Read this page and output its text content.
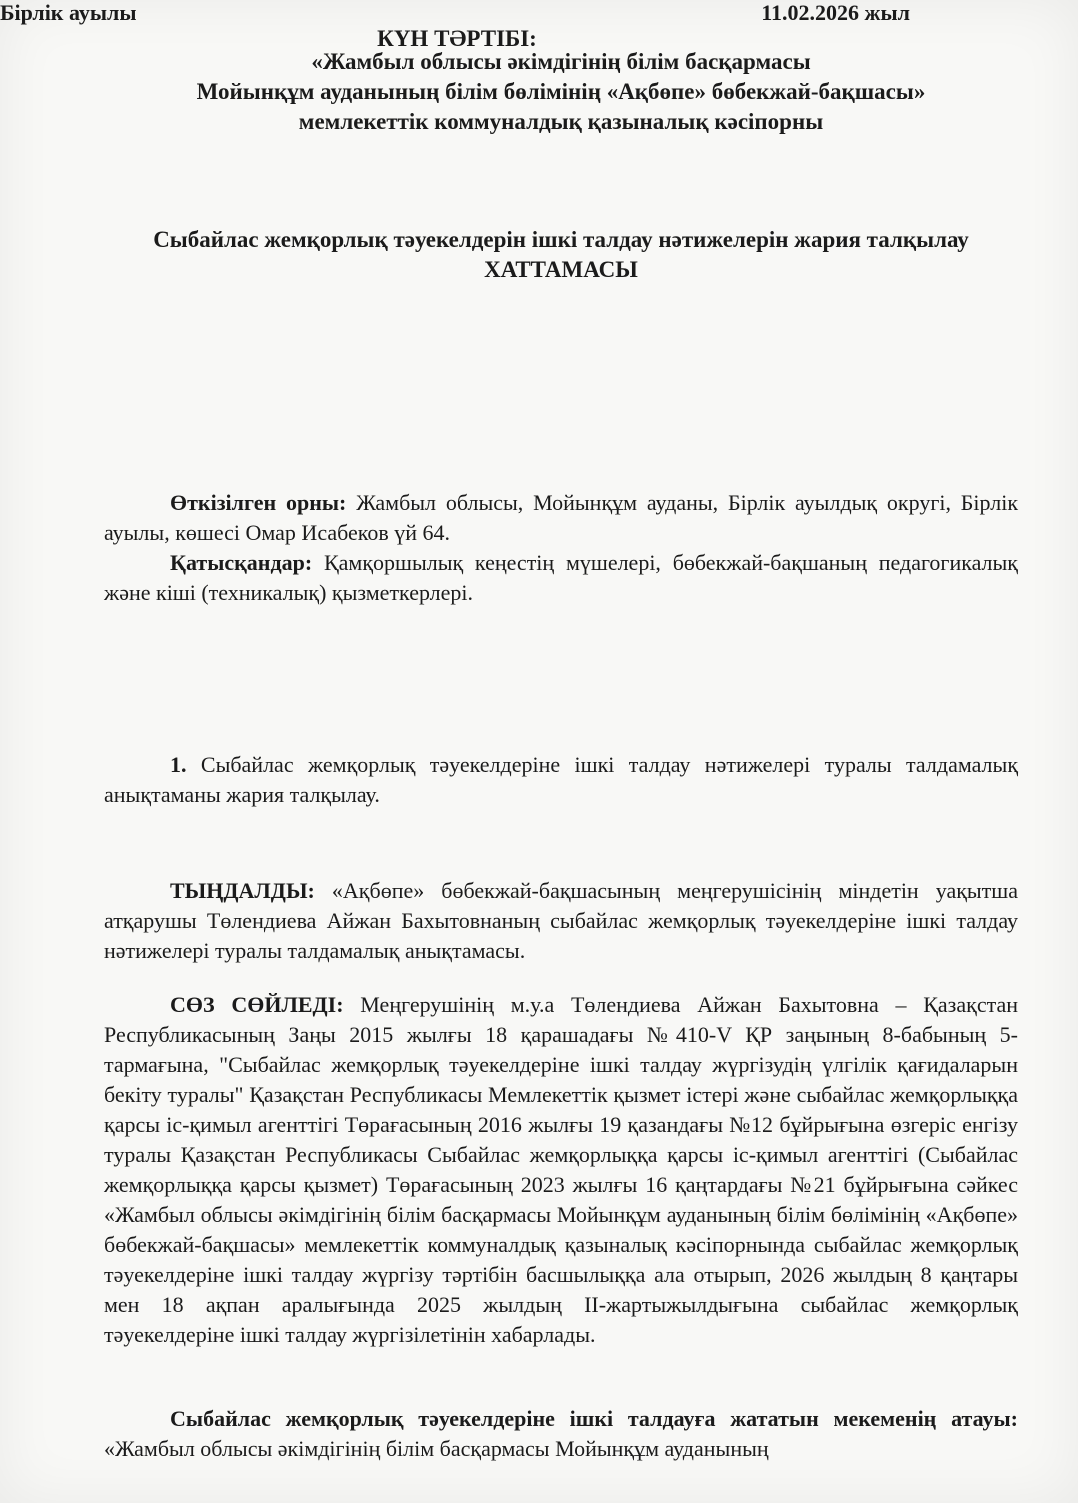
«Жамбыл облысы әкімдігінің білім басқармасы
Мойынқұм ауданының білім бөлімінің «Ақбөпе» бөбекжай-бақшасы»
мемлекеттік коммуналдық қазыналық кәсіпорны
Сыбайлас жемқорлық тәуекелдерін ішкі талдау нәтижелерін жария талқылау
ХАТТАМАСЫ
Бірлік ауылы	11.02.2026 жыл
Өткізілген орны: Жамбыл облысы, Мойынқұм ауданы, Бірлік ауылдық округі, Бірлік ауылы, көшесі Омар Исабеков үй 64.
Қатысқандар: Қамқоршылық кеңестің мүшелері, бөбекжай-бақшаның педагогикалық және кіші (техникалық) қызметкерлері.
КҮН ТӘРТІБІ:
1. Сыбайлас жемқорлық тәуекелдеріне ішкі талдау нәтижелері туралы талдамалық анықтаманы жария талқылау.
ТЫҢДАЛДЫ: «Ақбөпе» бөбекжай-бақшасының меңгерушісінің міндетін уақытша атқарушы Төлендиева Айжан Бахытовнаның сыбайлас жемқорлық тәуекелдеріне ішкі талдау нәтижелері туралы талдамалық анықтамасы.
СӨЗ СӨЙЛЕДІ: Меңгерушінің м.у.а Төлендиева Айжан Бахытовна – Қазақстан Республикасының Заңы 2015 жылғы 18 қарашадағы №410-V ҚР заңының 8-бабының 5-тармағына, "Сыбайлас жемқорлық тәуекелдеріне ішкі талдау жүргізудің үлгілік қағидаларын бекіту туралы" Қазақстан Республикасы Мемлекеттік қызмет істері және сыбайлас жемқорлыққа қарсы іс-қимыл агенттігі Төрағасының 2016 жылғы 19 қазандағы №12 бұйрығына өзгеріс енгізу туралы Қазақстан Республикасы Сыбайлас жемқорлыққа қарсы іс-қимыл агенттігі (Сыбайлас жемқорлыққа қарсы қызмет) Төрағасының 2023 жылғы 16 қаңтардағы №21 бұйрығына сәйкес «Жамбыл облысы әкімдігінің білім басқармасы Мойынқұм ауданының білім бөлімінің «Ақбөпе» бөбекжай-бақшасы» мемлекеттік коммуналдық қазыналық кәсіпорнында сыбайлас жемқорлық тәуекелдеріне ішкі талдау жүргізу тәртібін басшылыққа ала отырып, 2026 жылдың 8 қаңтары мен 18 ақпан аралығында 2025 жылдың ІІ-жартыжылдығына сыбайлас жемқорлық тәуекелдеріне ішкі талдау жүргізілетінін хабарлады.
Сыбайлас жемқорлық тәуекелдеріне ішкі талдауға жататын мекеменің атауы: «Жамбыл облысы әкімдігінің білім басқармасы Мойынқұм ауданының
